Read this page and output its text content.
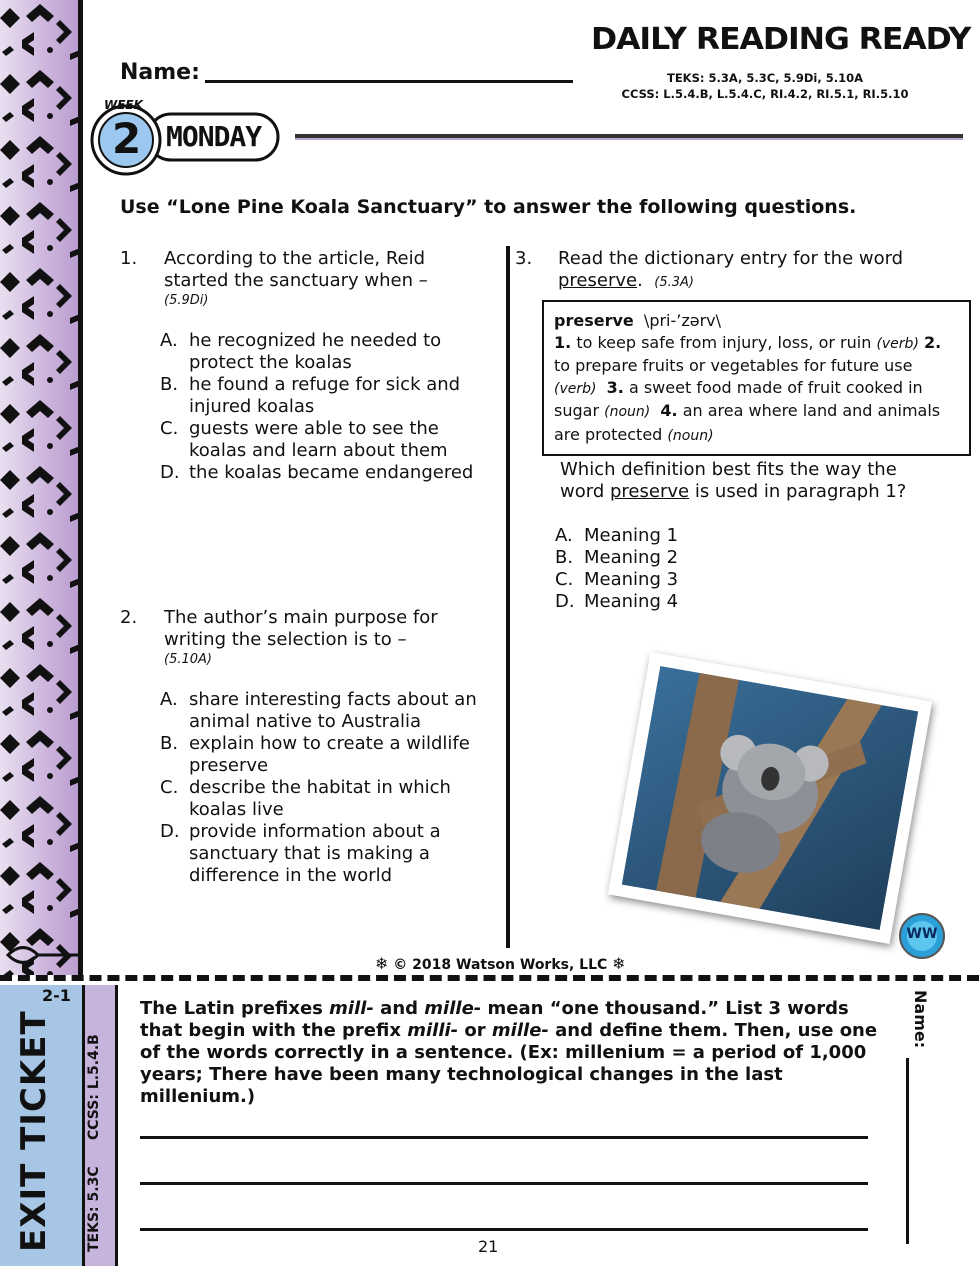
DAILY READING READY
Name:	TEKS: 5.3A, 5.3C, 5.9Di, 5.10A
CCSS: L.5.4.B, L.5.4.C, RI.4.2, RI.5.1, RI.5.10
WEEK
2 MONDAY
Use “Lone Pine Koala Sanctuary” to answer the following questions.
1. According to the article, Reid started the sanctuary when –
(5.9Di)
A. he recognized he needed to protect the koalas
B. he found a refuge for sick and injured koalas
C. guests were able to see the koalas and learn about them
D. the koalas became endangered
2. The author’s main purpose for writing the selection is to –
(5.10A)
A. share interesting facts about an animal native to Australia
B. explain how to create a wildlife preserve
C. describe the habitat in which koalas live
D. provide information about a sanctuary that is making a difference in the world
3. Read the dictionary entry for the word preserve. (5.3A)
preserve \pri-’zərv\
1. to keep safe from injury, loss, or ruin (verb) 2. to prepare fruits or vegetables for future use (verb) 3. a sweet food made of fruit cooked in sugar (noun) 4. an area where land and animals are protected (noun)
Which definition best fits the way the word preserve is used in paragraph 1?
A. Meaning 1
B. Meaning 2
C. Meaning 3
D. Meaning 4
WW
❄ © 2018 Watson Works, LLC ❄
EXIT TICKET
2-1
CCSS: L.5.4.B
TEKS: 5.3C
The Latin prefixes mill- and mille- mean “one thousand.” List 3 words that begin with the prefix milli- or mille- and define them. Then, use one of the words correctly in a sentence. (Ex: millenium = a period of 1,000 years; There have been many technological changes in the last millenium.)
Name:
21
